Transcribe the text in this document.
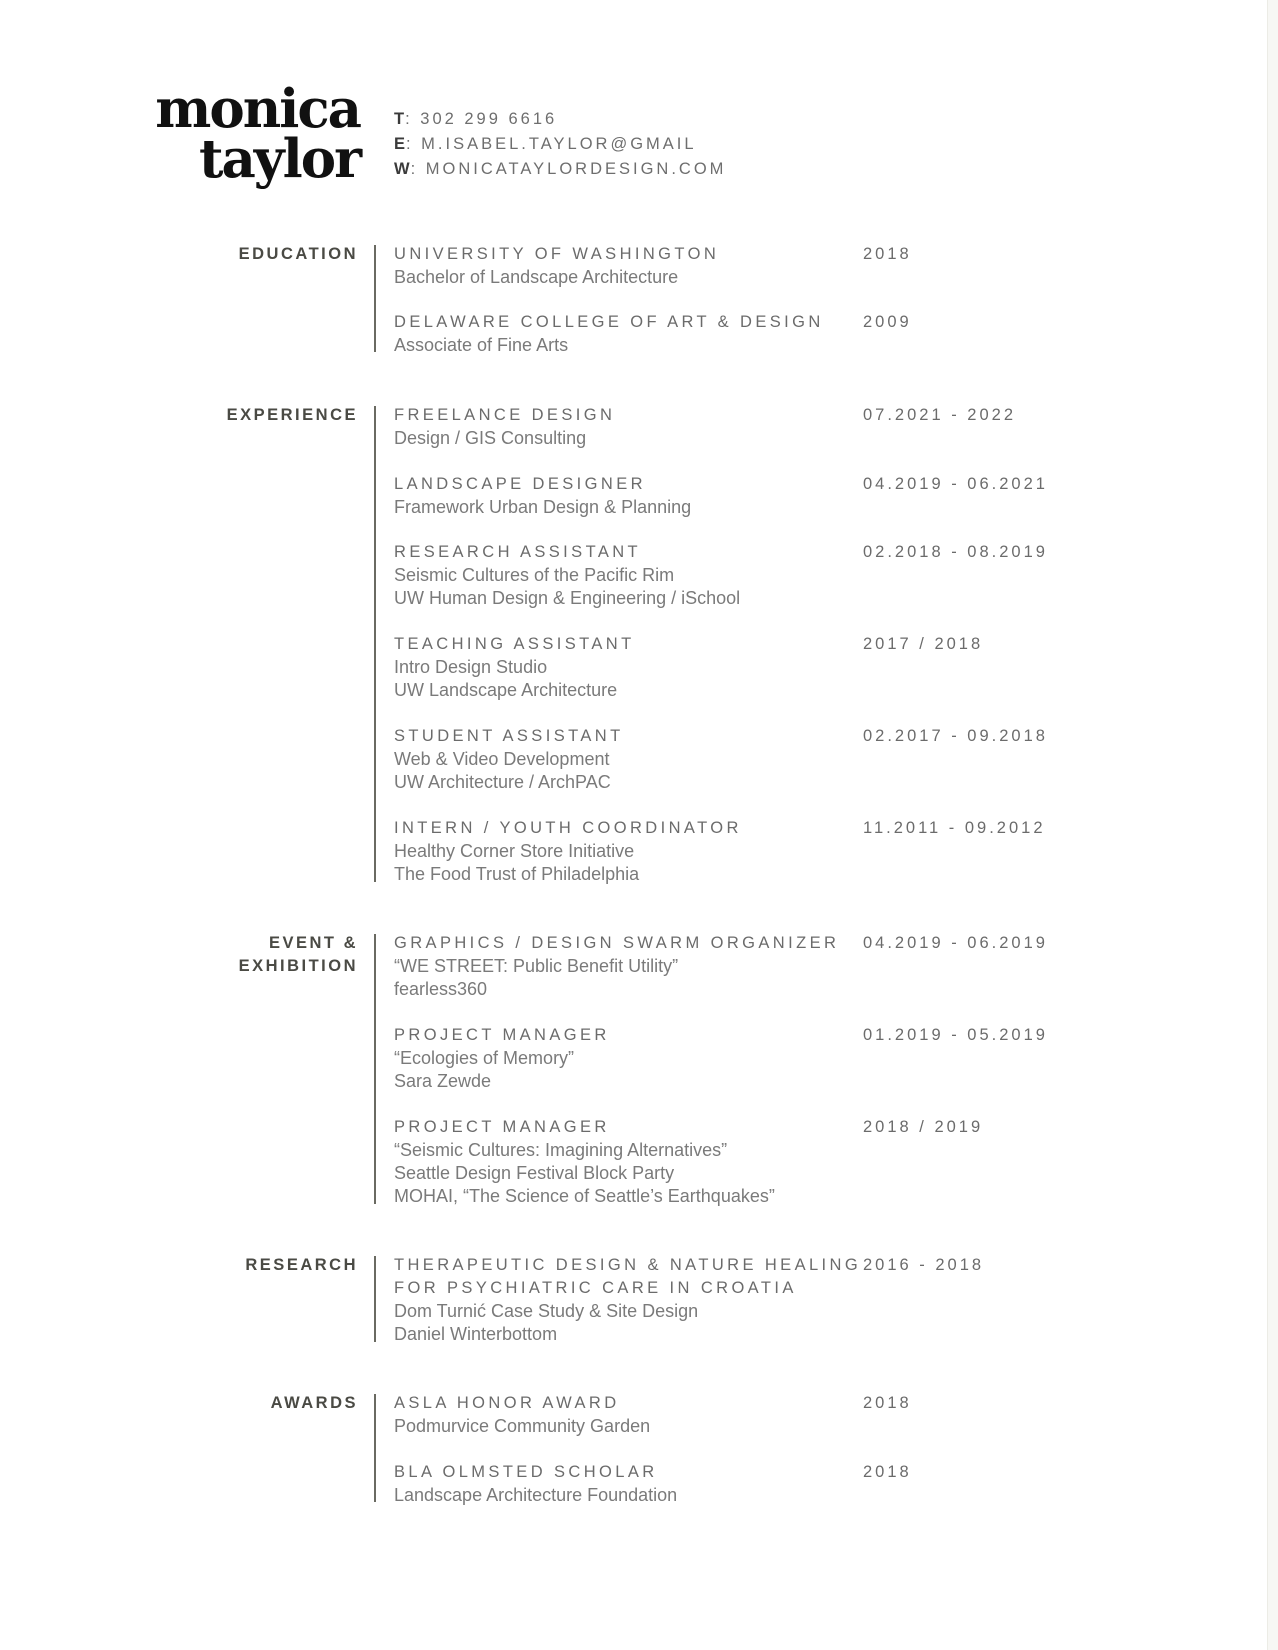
monica
taylor
T: 302 299 6616
E: M.ISABEL.TAYLOR@GMAIL
W: MONICATAYLORDESIGN.COM
EDUCATION UNIVERSITY OF WASHINGTON	2018
Bachelor of Landscape Architecture
DELAWARE COLLEGE OF ART & DESIGN	2009
Associate of Fine Arts
EXPERIENCE FREELANCE DESIGN	07.2021 - 2022
Design / GIS Consulting
LANDSCAPE DESIGNER	04.2019 - 06.2021
Framework Urban Design & Planning
RESEARCH ASSISTANT	02.2018 - 08.2019
Seismic Cultures of the Pacific Rim
UW Human Design & Engineering / iSchool
TEACHING ASSISTANT	2017 / 2018
Intro Design Studio
UW Landscape Architecture
STUDENT ASSISTANT	02.2017 - 09.2018
Web & Video Development
UW Architecture / ArchPAC
INTERN / YOUTH COORDINATOR	11.2011 - 09.2012
Healthy Corner Store Initiative
The Food Trust of Philadelphia
EVENT &
EXHIBITION
GRAPHICS / DESIGN SWARM ORGANIZER 04.2019 - 06.2019
“WE STREET: Public Benefit Utility”
fearless360
PROJECT MANAGER	01.2019 - 05.2019
“Ecologies of Memory”
Sara Zewde
PROJECT MANAGER	2018 / 2019
“Seismic Cultures: Imagining Alternatives”
Seattle Design Festival Block Party
MOHAI, “The Science of Seattle’s Earthquakes”
RESEARCH THERAPEUTIC DESIGN & NATURE HEALING
FOR PSYCHIATRIC CARE IN CROATIA
2016 - 2018
Dom Turnić Case Study & Site Design
Daniel Winterbottom
AWARDS ASLA HONOR AWARD	2018
Podmurvice Community Garden
BLA OLMSTED SCHOLAR	2018
Landscape Architecture Foundation
